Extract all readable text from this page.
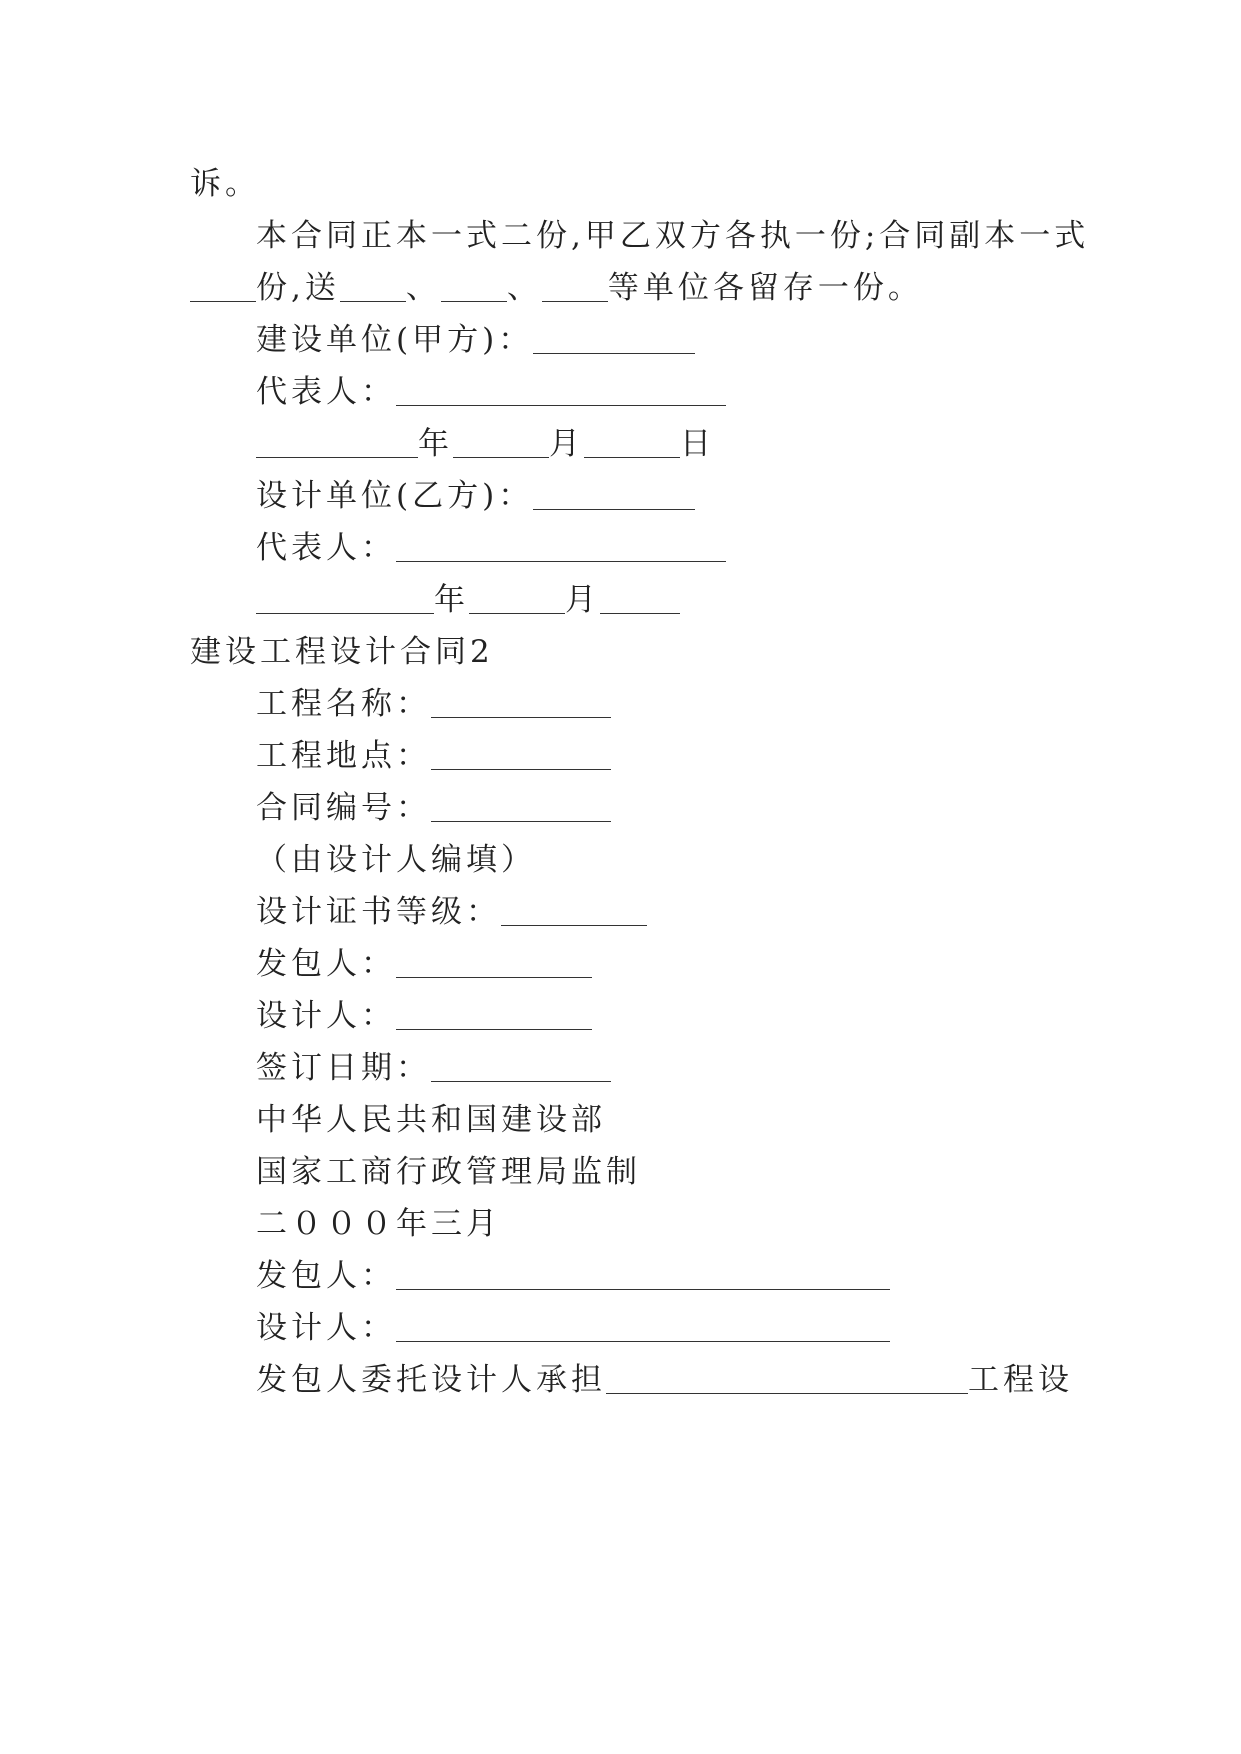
诉。
本合同正本一式二份,甲乙双方各执一份;合同副本一式
份,送 、 、 等单位各留存一份。
建设单位(甲方)：
代表人：
年	月	日
设计单位(乙方)：
代表人：
年	月
建设工程设计合同2
工程名称：
工程地点：
合同编号：
（由设计人编填）
设计证书等级：
发包人：
设计人：
签订日期：
中华人民共和国建设部
国家工商行政管理局监制
二０００年三月
发包人：
设计人：
发包人委托设计人承担	工程设
